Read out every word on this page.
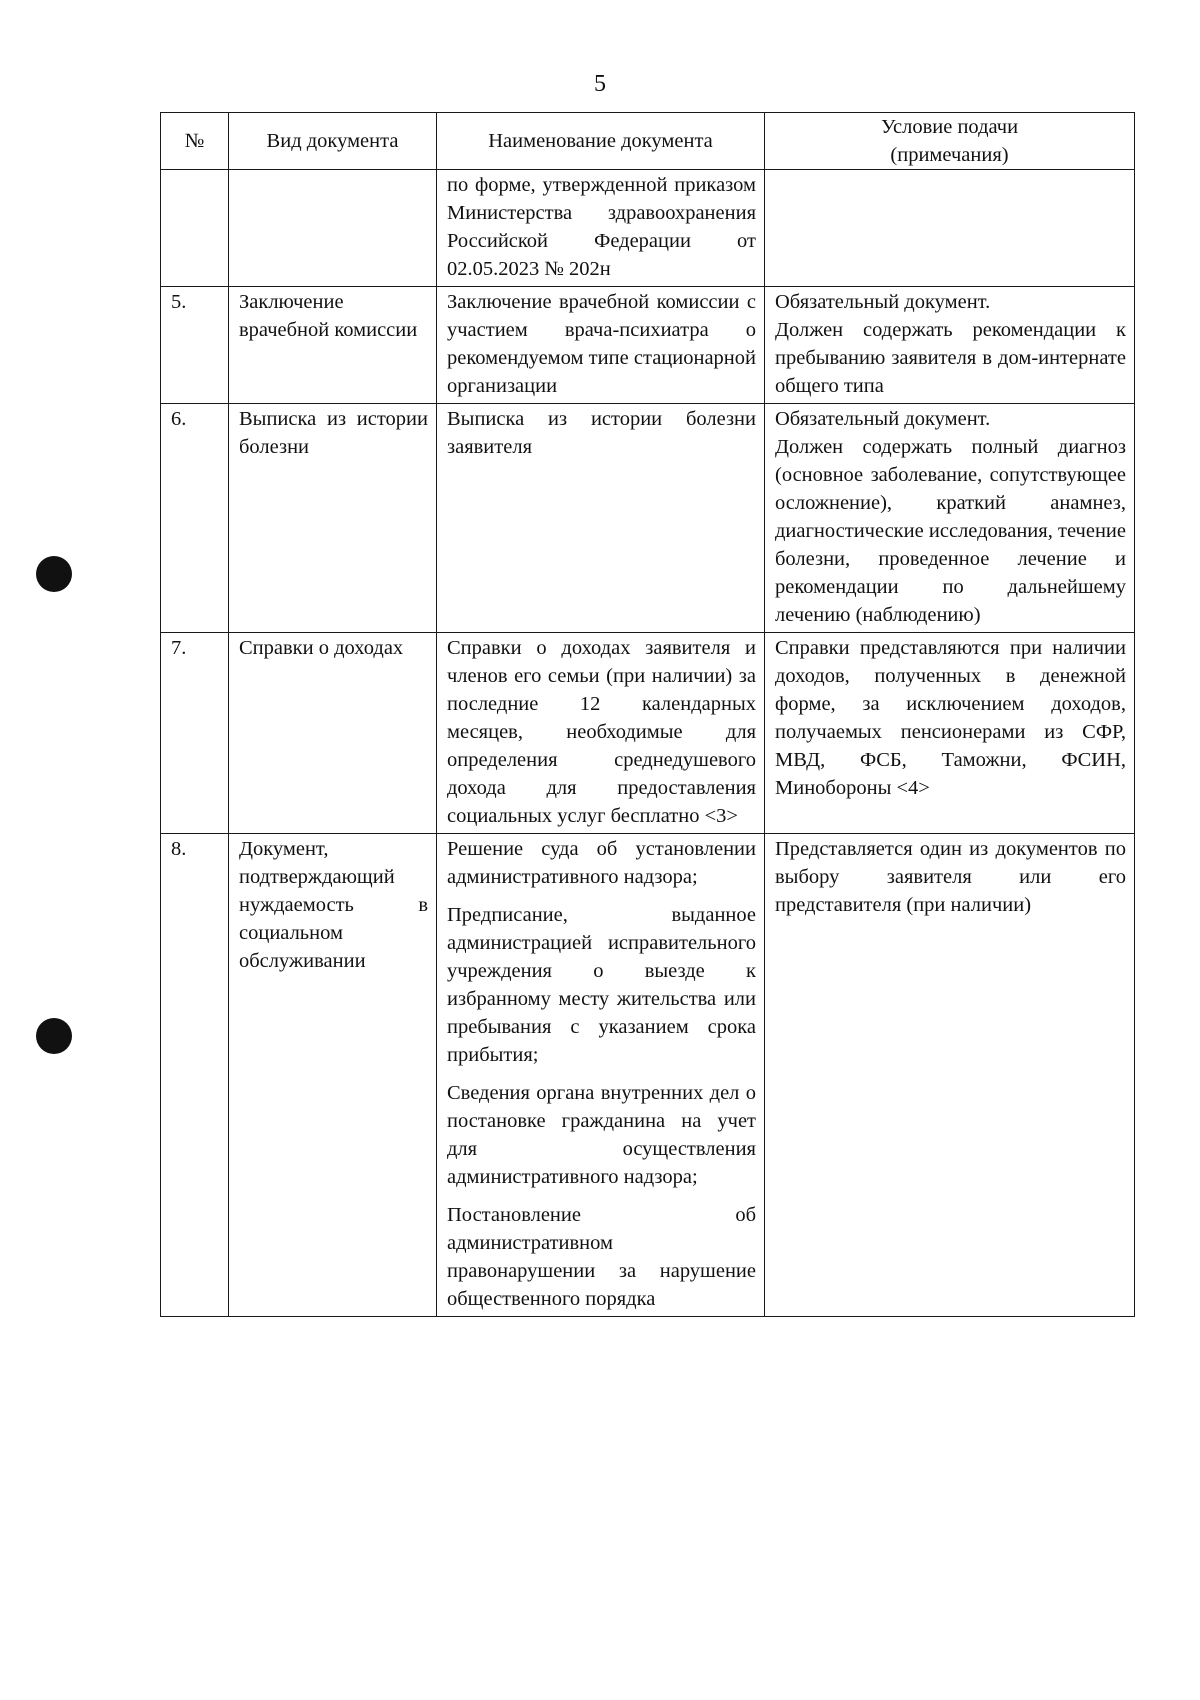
5
№	Вид документа	Наименование документа	Условие подачи
(примечания)

		по форме, утвержденной приказом Министерства здравоохранения Российской Федерации от 02.05.2023 № 202н	

5.	Заключение врачебной комиссии	Заключение врачебной комиссии с участием врача-психиатра о рекомендуемом типе стационарной организации	Обязательный документ.

Должен содержать рекомендации к пребыванию заявителя в дом-интернате общего типа

6.	Выписка из истории болезни	Выписка из истории болезни заявителя	Обязательный документ.

Должен содержать полный диагноз (основное заболевание, сопутствующее осложнение), краткий анамнез, диагностические исследования, течение болезни, проведенное лечение и рекомендации по дальнейшему лечению (наблюдению)

7.	Справки о доходах	Справки о доходах заявителя и членов его семьи (при наличии) за последние 12 календарных месяцев, необходимые для определения среднедушевого дохода для предоставления социальных услуг бесплатно <3>	Справки представляются при наличии доходов, полученных в денежной форме, за исключением доходов, получаемых пенсионерами из СФР, МВД, ФСБ, Таможни, ФСИН, Минобороны <4>

8.	Документ, подтверждающий нуждаемость в социальном обслуживании	Решение суда об установлении административного надзора;

Предписание, выданное администрацией исправительного учреждения о выезде к избранному месту жительства или пребывания с указанием срока прибытия;

Сведения органа внутренних дел о постановке гражданина на учет для осуществления административного надзора;

Постановление об административном правонарушении за нарушение общественного порядка	Представляется один из документов по выбору заявителя или его представителя (при наличии)
